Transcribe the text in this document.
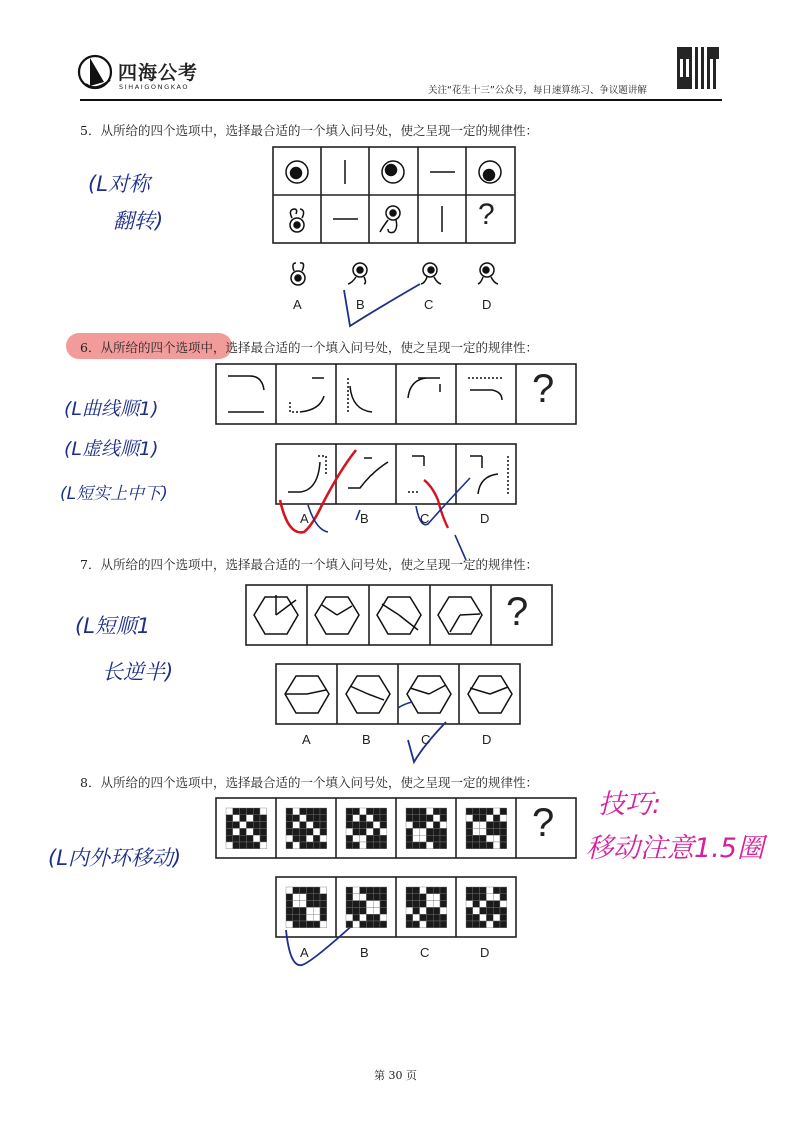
四海公考
SIHAIGONGKAO	关注“花生十三”公众号，每日速算练习、争议题讲解
5．从所给的四个选项中，选择最合适的一个填入问号处，使之呈现一定的规律性：
?
A	B	C	D
(L对称
翻转)
6．从所给的四个选项中，选择最合适的一个填入问号处，使之呈现一定的规律性：
?
A	B	C	D
(L曲线顺1)
(L虚线顺1)
(L短实上中下)
7．从所给的四个选项中，选择最合适的一个填入问号处，使之呈现一定的规律性：
?
A	B	C	D
(L短顺1
长逆半)
8．从所给的四个选项中，选择最合适的一个填入问号处，使之呈现一定的规律性：
?
A	B	C	D
(L内外环移动)
技巧:
移动注意1.5圈
第 30 页
